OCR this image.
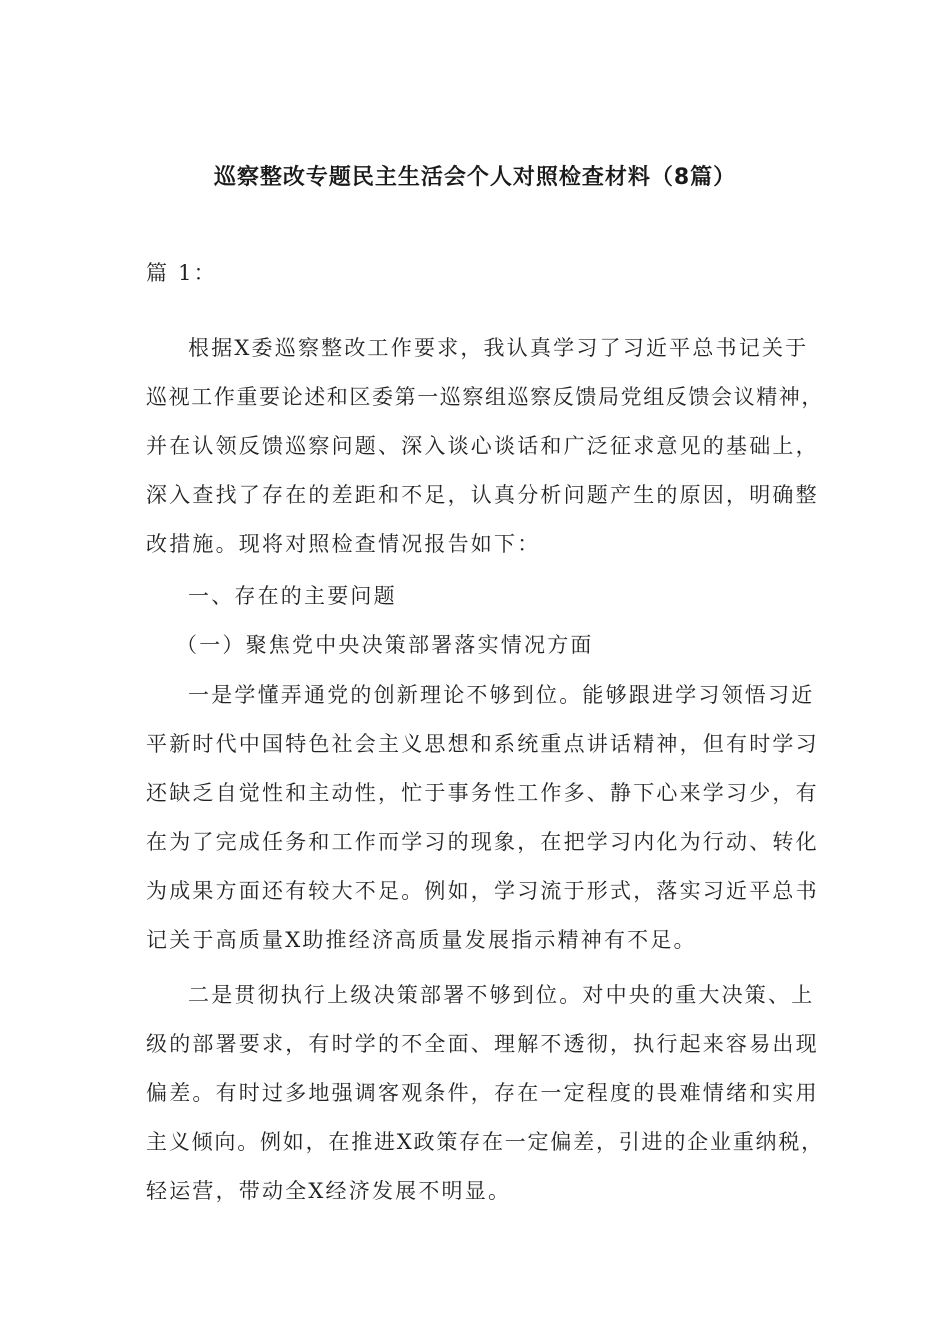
巡察整改专题民主生活会个人对照检查材料（8篇）
篇 1：
根据X委巡察整改工作要求，我认真学习了习近平总书记关于
巡视工作重要论述和区委第一巡察组巡察反馈局党组反馈会议精神，
并在认领反馈巡察问题、深入谈心谈话和广泛征求意见的基础上，
深入查找了存在的差距和不足，认真分析问题产生的原因，明确整
改措施。现将对照检查情况报告如下：
一、存在的主要问题
（一）聚焦党中央决策部署落实情况方面
一是学懂弄通党的创新理论不够到位。能够跟进学习领悟习近
平新时代中国特色社会主义思想和系统重点讲话精神，但有时学习
还缺乏自觉性和主动性，忙于事务性工作多、静下心来学习少，有
在为了完成任务和工作而学习的现象，在把学习内化为行动、转化
为成果方面还有较大不足。例如，学习流于形式，落实习近平总书
记关于高质量X助推经济高质量发展指示精神有不足。
二是贯彻执行上级决策部署不够到位。对中央的重大决策、上
级的部署要求，有时学的不全面、理解不透彻，执行起来容易出现
偏差。有时过多地强调客观条件，存在一定程度的畏难情绪和实用
主义倾向。例如，在推进X政策存在一定偏差，引进的企业重纳税，
轻运营，带动全X经济发展不明显。
